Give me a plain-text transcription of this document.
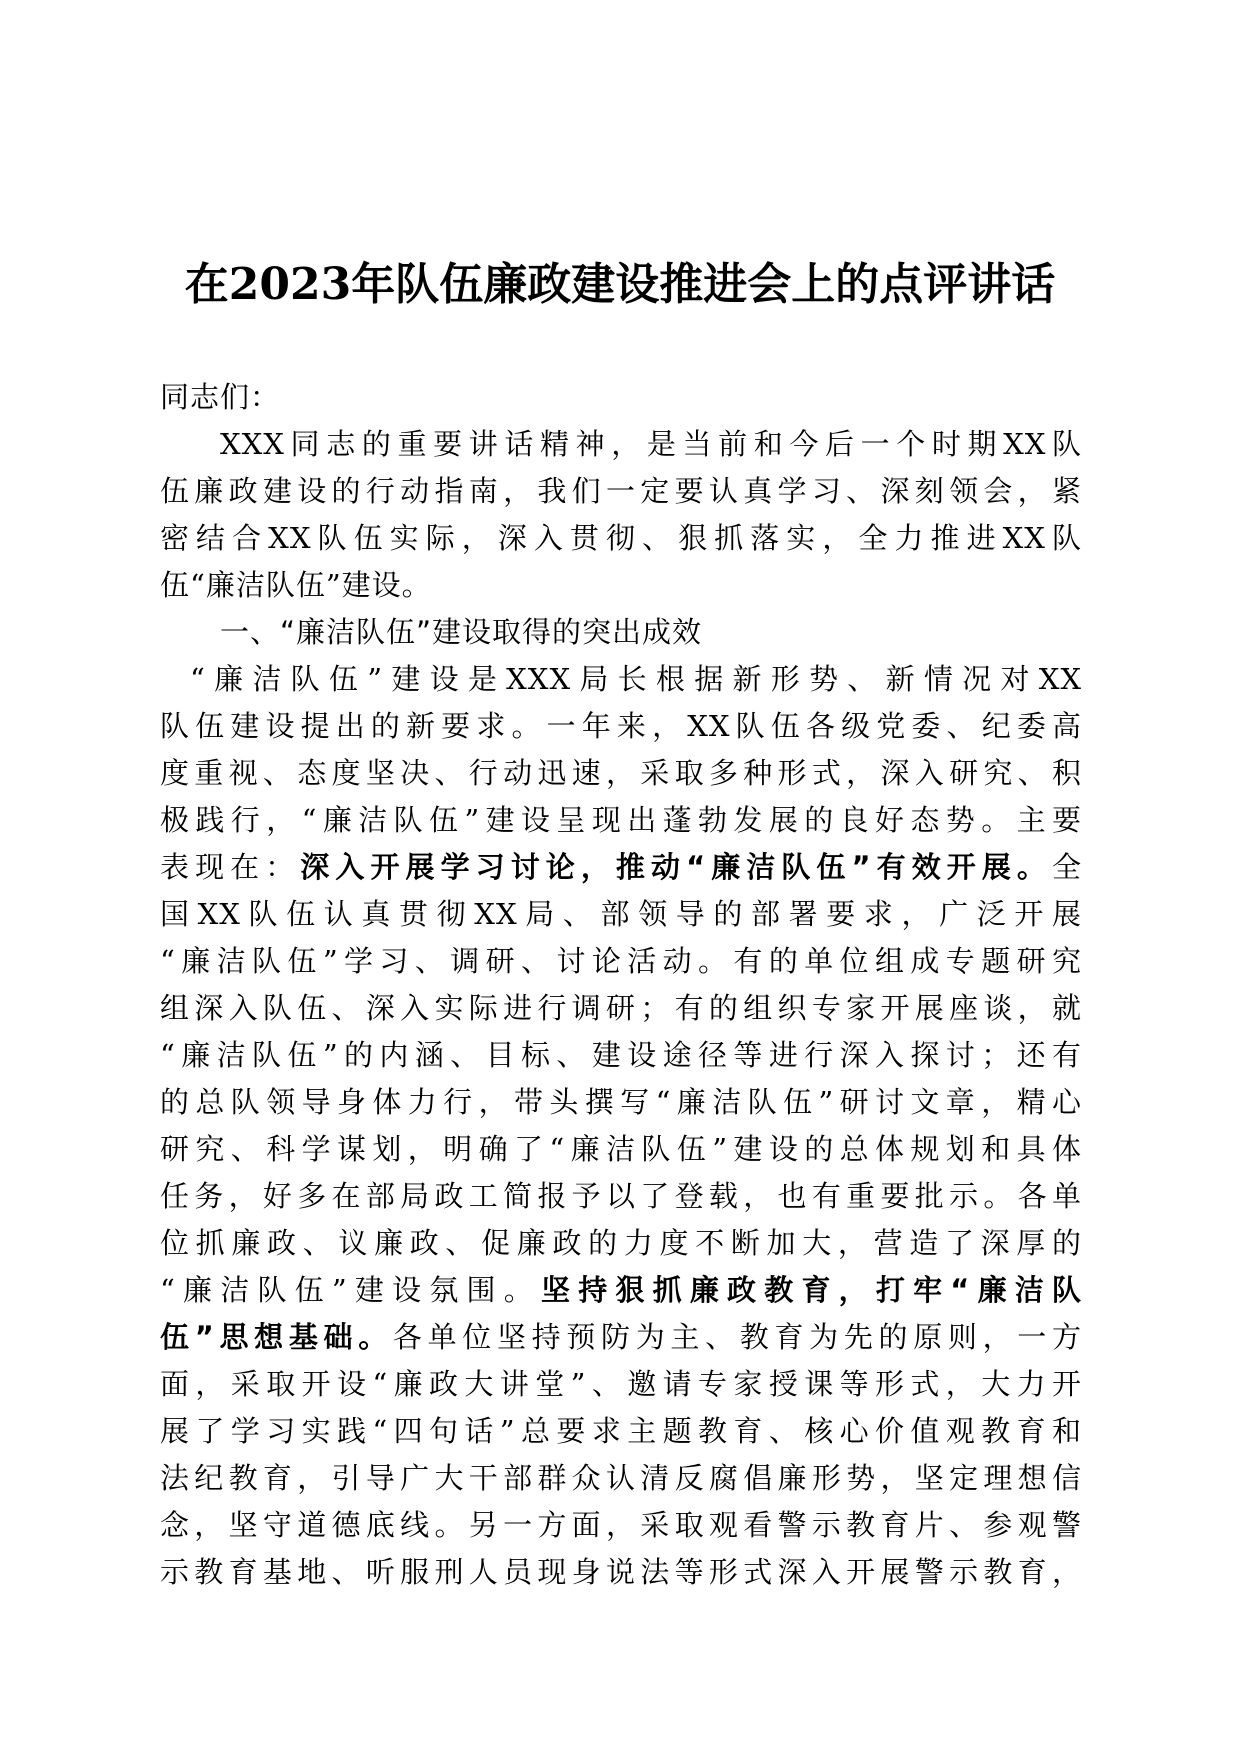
在2023年队伍廉政建设推进会上的点评讲话
同志们：
XXX同志的重要讲话精神，是当前和今后一个时期XX队
伍廉政建设的行动指南，我们一定要认真学习、深刻领会，紧
密结合XX队伍实际，深入贯彻、狠抓落实，全力推进XX队
伍“廉洁队伍”建设。
一、“廉洁队伍”建设取得的突出成效
“廉洁队伍”建设是XXX局长根据新形势、新情况对XX
队伍建设提出的新要求。一年来，XX队伍各级党委、纪委高
度重视、态度坚决、行动迅速，采取多种形式，深入研究、积
极践行，“廉洁队伍”建设呈现出蓬勃发展的良好态势。主要
表现在：深入开展学习讨论，推动“廉洁队伍”有效开展。全
国XX队伍认真贯彻XX局、部领导的部署要求，广泛开展
“廉洁队伍”学习、调研、讨论活动。有的单位组成专题研究
组深入队伍、深入实际进行调研；有的组织专家开展座谈，就
“廉洁队伍”的内涵、目标、建设途径等进行深入探讨；还有
的总队领导身体力行，带头撰写“廉洁队伍”研讨文章，精心
研究、科学谋划，明确了“廉洁队伍”建设的总体规划和具体
任务，好多在部局政工简报予以了登载，也有重要批示。各单
位抓廉政、议廉政、促廉政的力度不断加大，营造了深厚的
“廉洁队伍”建设氛围。坚持狠抓廉政教育，打牢“廉洁队
伍”思想基础。各单位坚持预防为主、教育为先的原则，一方
面，采取开设“廉政大讲堂”、邀请专家授课等形式，大力开
展了学习实践“四句话”总要求主题教育、核心价值观教育和
法纪教育，引导广大干部群众认清反腐倡廉形势，坚定理想信
念，坚守道德底线。另一方面，采取观看警示教育片、参观警
示教育基地、听服刑人员现身说法等形式深入开展警示教育，
